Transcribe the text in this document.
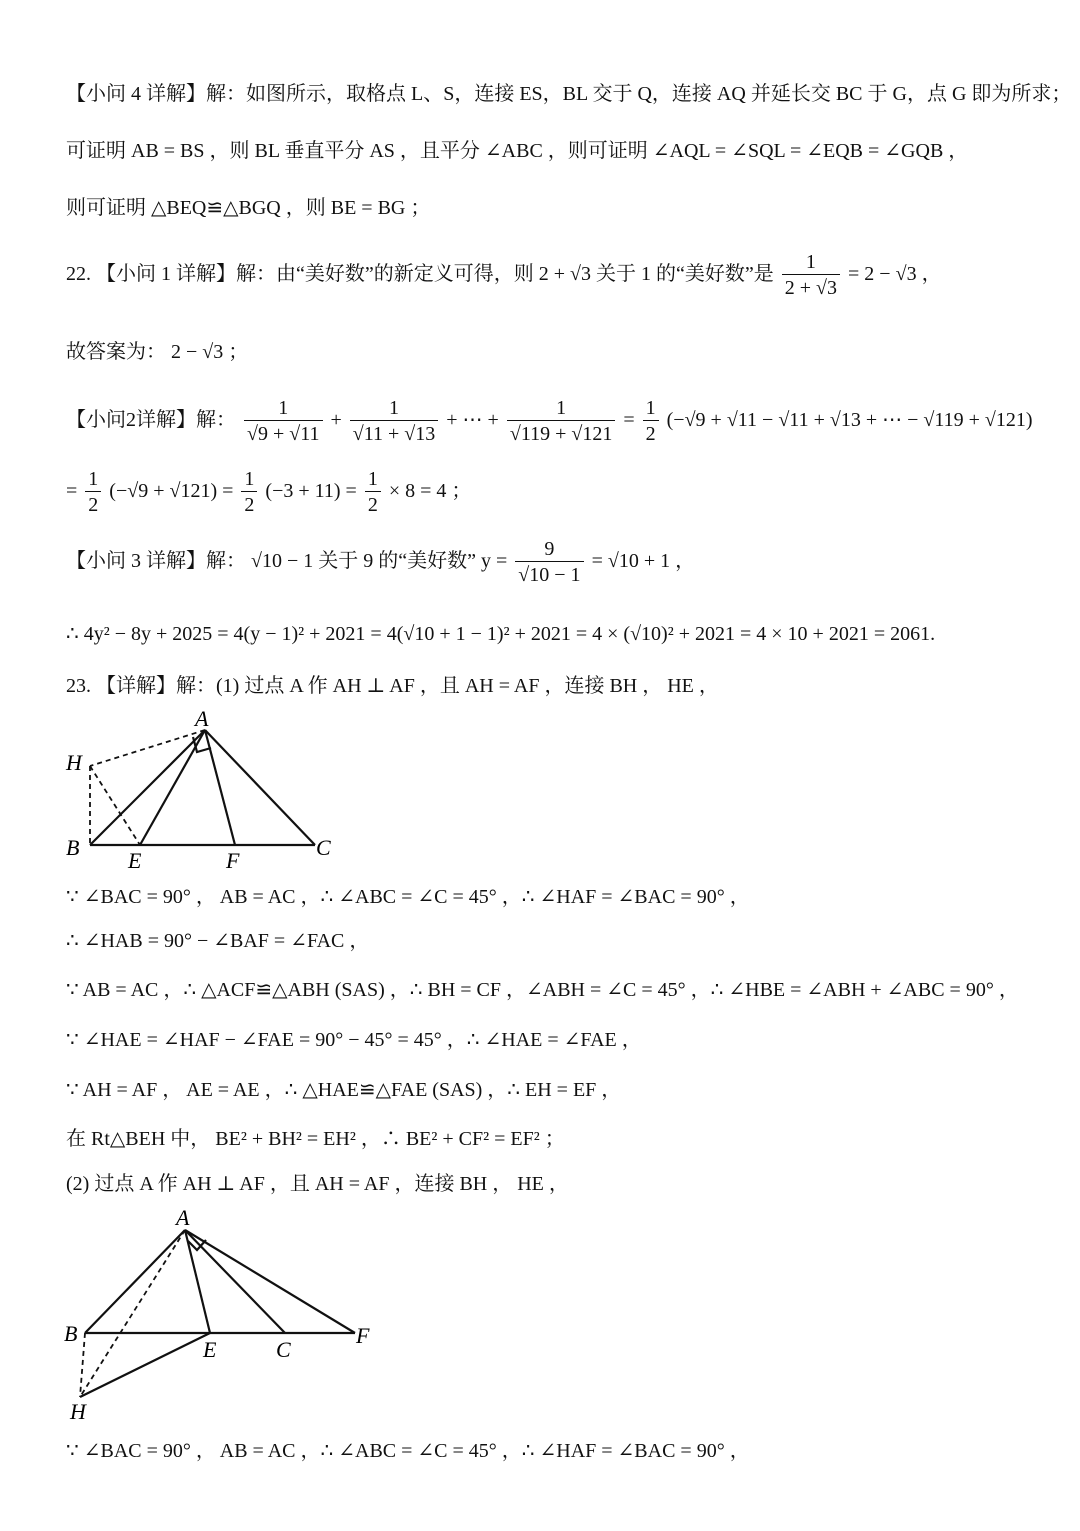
【小问 4 详解】解：如图所示，取格点 L、S，连接 ES，BL 交于 Q，连接 AQ 并延长交 BC 于 G，点 G 即为所求；
可证明 AB = BS ，则 BL 垂直平分 AS ，且平分 ∠ABC ，则可证明 ∠AQL = ∠SQL = ∠EQB = ∠GQB ，
则可证明 △BEQ≌△BGQ ，则 BE = BG ；
22. 【小问 1 详解】解：由“美好数”的新定义可得，则 2 + √3 关于 1 的“美好数”是 $\frac{1}{2 + √3} = 2 - √3$ ，
故答案为： 2 − √3 ；
【小问2详解】解： $\frac{1}{√9 + √11} + \frac{1}{√11 + √13}$ + ⋯ + $\frac{1}{√119 + √121} = \frac{1}{2} (-√9 + √11 - √11 + √13$ + ⋯ − √119 + √121)
= $\frac{1}{2} (-√9 + √121) = \frac{1}{2} (-3 + 11) = \frac{1}{2} \times 8 = 4$ ；
【小问 3 详解】解： √10 − 1 关于 9 的“美好数” $y = \frac{9}{√10 - 1} = √10 + 1$ ，
∴ 4y² − 8y + 2025 = 4(y − 1)² + 2021 = 4(√10 + 1 − 1)² + 2021 = 4 × (√10)² + 2021 = 4 × 10 + 2021 = 2061.
23. 【详解】解：(1) 过点 A 作 AH ⊥ AF ，且 AH = AF ，连接 BH ， HE ，
A
H
B
E	F
C
∵ ∠BAC = 90° ， AB = AC ，∴ ∠ABC = ∠C = 45° ，∴ ∠HAF = ∠BAC = 90° ，
∴ ∠HAB = 90° − ∠BAF = ∠FAC ，
∵ AB = AC ，∴ △ACF≌△ABH (SAS) ，∴ BH = CF ，∠ABH = ∠C = 45° ，∴ ∠HBE = ∠ABH + ∠ABC = 90° ，
∵ ∠HAE = ∠HAF − ∠FAE = 90° − 45° = 45° ，∴ ∠HAE = ∠FAE ，
∵ AH = AF ， AE = AE ，∴ △HAE≌△FAE (SAS) ，∴ EH = EF ，
在 Rt△BEH 中， BE² + BH² = EH² ，∴ BE² + CF² = EF² ；
(2) 过点 A 作 AH ⊥ AF ，且 AH = AF ，连接 BH ， HE ，
A
B
E	C
F
H
∵ ∠BAC = 90° ， AB = AC ，∴ ∠ABC = ∠C = 45° ，∴ ∠HAF = ∠BAC = 90° ，
